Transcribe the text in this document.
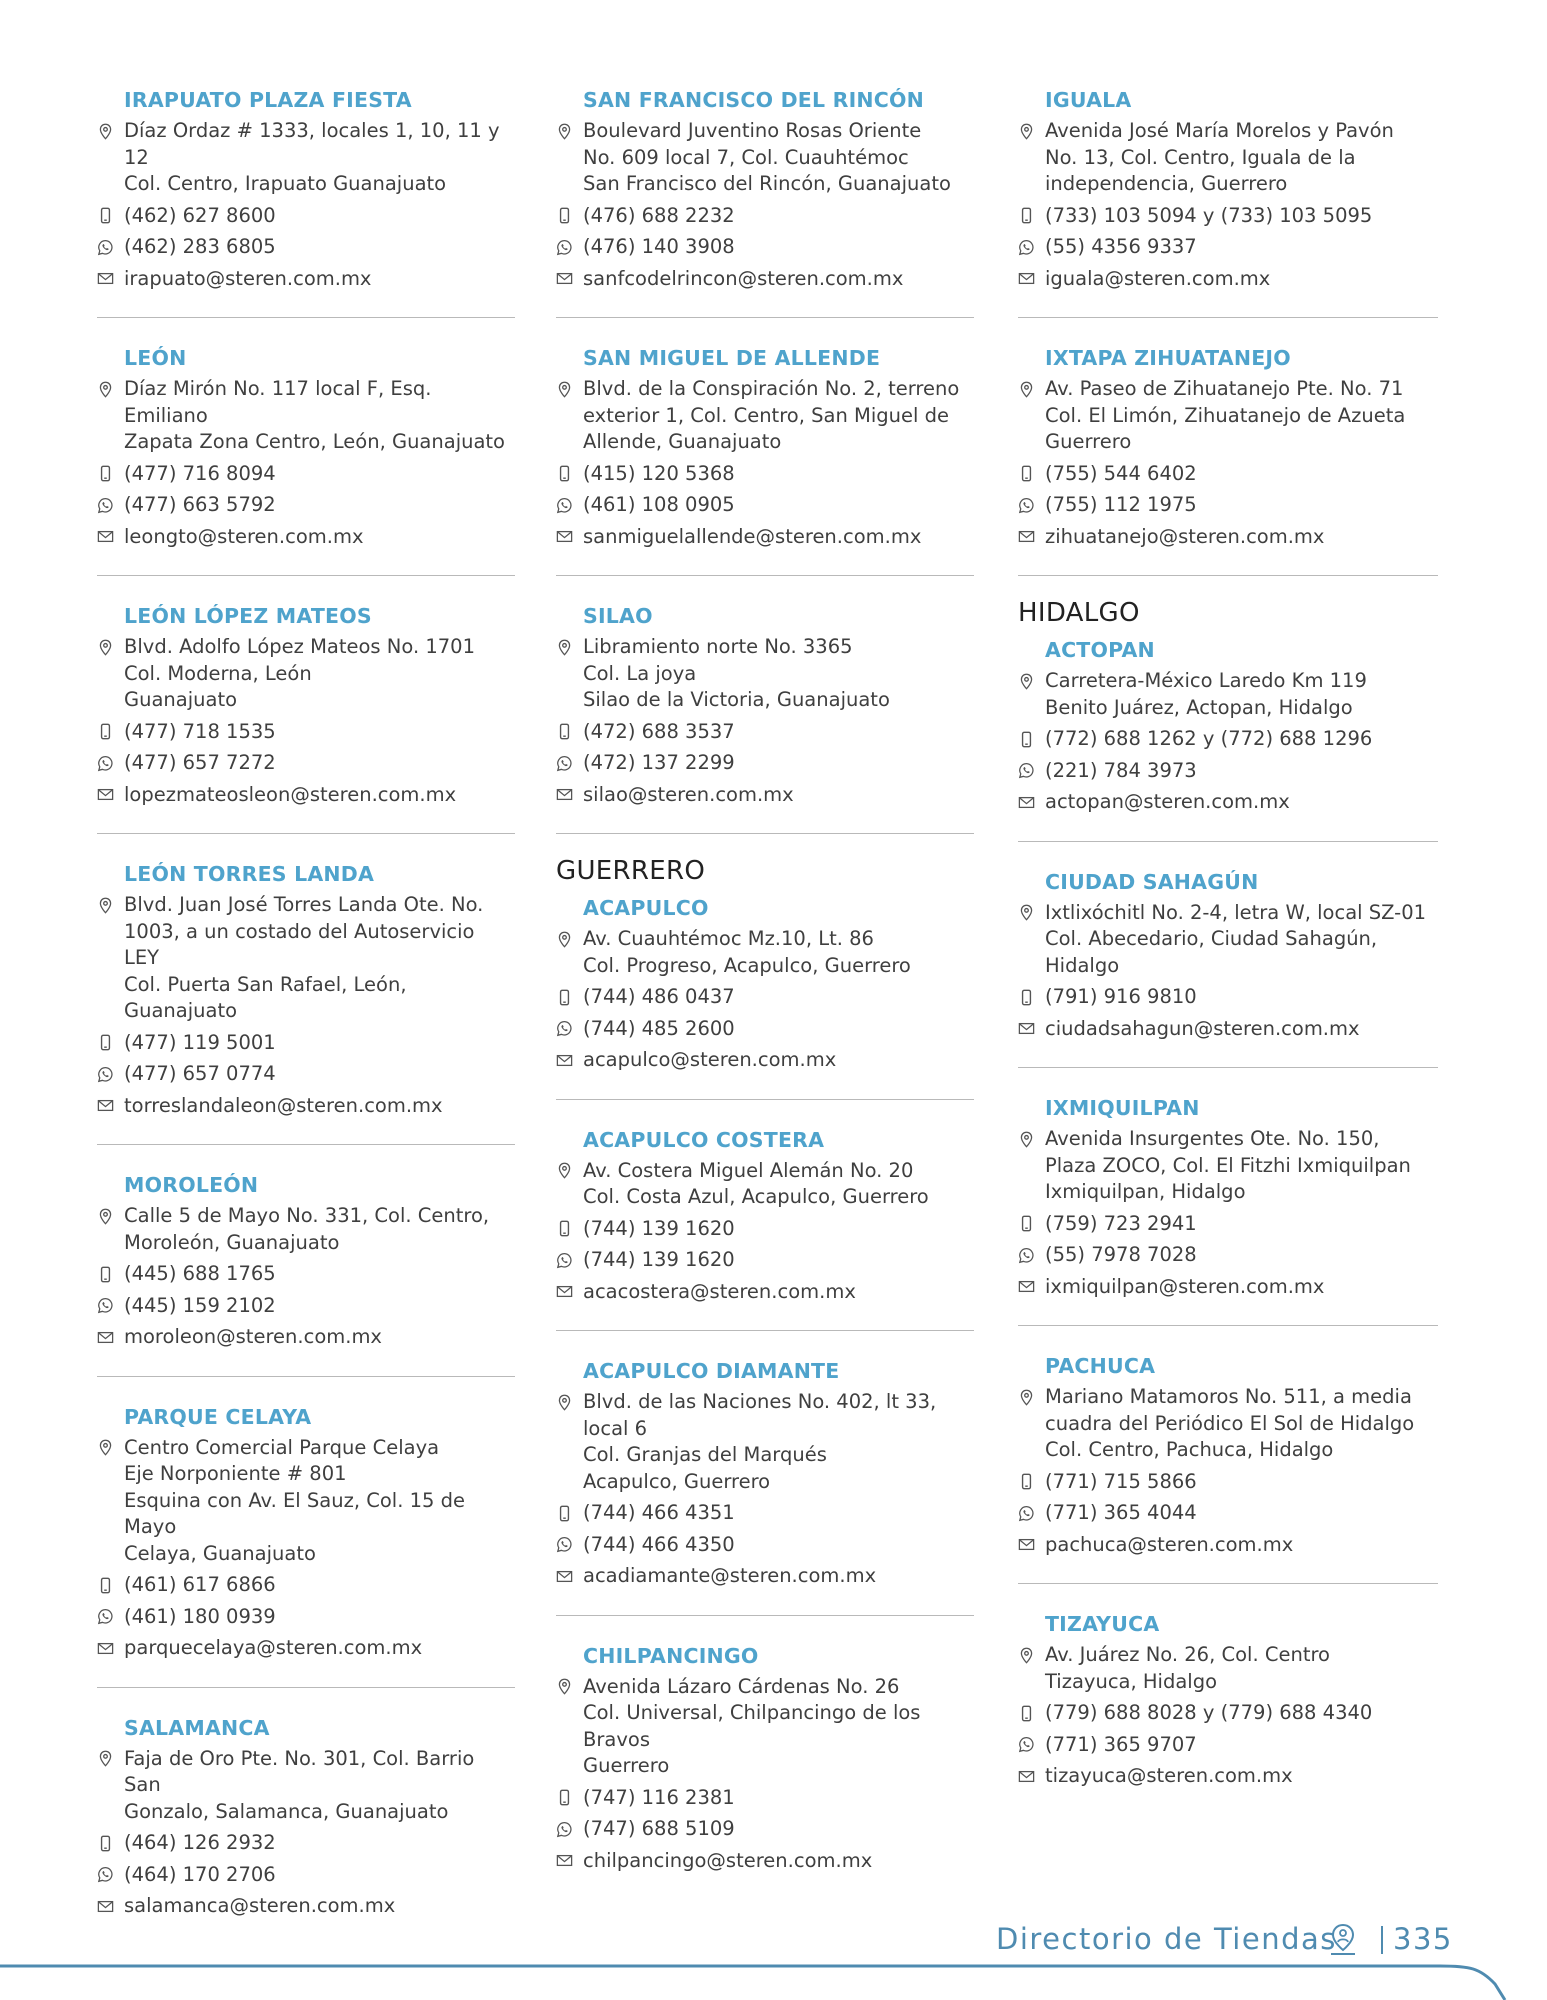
IRAPUATO PLAZA FIESTA
Díaz Ordaz # 1333, locales 1, 10, 11 y 12
Col. Centro, Irapuato Guanajuato
(462) 627 8600
(462) 283 6805
irapuato@steren.com.mx
LEÓN
Díaz Mirón No. 117 local F, Esq. Emiliano
Zapata Zona Centro, León, Guanajuato
(477) 716 8094
(477) 663 5792
leongto@steren.com.mx
LEÓN LÓPEZ MATEOS
Blvd. Adolfo López Mateos No. 1701
Col. Moderna, León
Guanajuato
(477) 718 1535
(477) 657 7272
lopezmateosleon@steren.com.mx
LEÓN TORRES LANDA
Blvd. Juan José Torres Landa Ote. No.
1003, a un costado del Autoservicio LEY
Col. Puerta San Rafael, León, Guanajuato
(477) 119 5001
(477) 657 0774
torreslandaleon@steren.com.mx
MOROLEÓN
Calle 5 de Mayo No. 331, Col. Centro,
Moroleón, Guanajuato
(445) 688 1765
(445) 159 2102
moroleon@steren.com.mx
PARQUE CELAYA
Centro Comercial Parque Celaya
Eje Norponiente # 801
Esquina con Av. El Sauz, Col. 15 de Mayo
Celaya, Guanajuato
(461) 617 6866
(461) 180 0939
parquecelaya@steren.com.mx
SALAMANCA
Faja de Oro Pte. No. 301, Col. Barrio San
Gonzalo, Salamanca, Guanajuato
(464) 126 2932
(464) 170 2706
salamanca@steren.com.mx
SAN FRANCISCO DEL RINCÓN
Boulevard Juventino Rosas Oriente
No. 609 local 7, Col. Cuauhtémoc
San Francisco del Rincón, Guanajuato
(476) 688 2232
(476) 140 3908
sanfcodelrincon@steren.com.mx
SAN MIGUEL DE ALLENDE
Blvd. de la Conspiración No. 2, terreno
exterior 1, Col. Centro, San Miguel de
Allende, Guanajuato
(415) 120 5368
(461) 108 0905
sanmiguelallende@steren.com.mx
SILAO
Libramiento norte No. 3365
Col. La joya
Silao de la Victoria, Guanajuato
(472) 688 3537
(472) 137 2299
silao@steren.com.mx
GUERRERO
ACAPULCO
Av. Cuauhtémoc Mz.10, Lt. 86
Col. Progreso, Acapulco, Guerrero
(744) 486 0437
(744) 485 2600
acapulco@steren.com.mx
ACAPULCO COSTERA
Av. Costera Miguel Alemán No. 20
Col. Costa Azul, Acapulco, Guerrero
(744) 139 1620
(744) 139 1620
acacostera@steren.com.mx
ACAPULCO DIAMANTE
Blvd. de las Naciones No. 402, lt 33, local 6
Col. Granjas del Marqués
Acapulco, Guerrero
(744) 466 4351
(744) 466 4350
acadiamante@steren.com.mx
CHILPANCINGO
Avenida Lázaro Cárdenas No. 26
Col. Universal, Chilpancingo de los Bravos
Guerrero
(747) 116 2381
(747) 688 5109
chilpancingo@steren.com.mx
IGUALA
Avenida José María Morelos y Pavón
No. 13, Col. Centro, Iguala de la
independencia, Guerrero
(733) 103 5094 y (733) 103 5095
(55) 4356 9337
iguala@steren.com.mx
IXTAPA ZIHUATANEJO
Av. Paseo de Zihuatanejo Pte. No. 71
Col. El Limón, Zihuatanejo de Azueta
Guerrero
(755) 544 6402
(755) 112 1975
zihuatanejo@steren.com.mx
HIDALGO
ACTOPAN
Carretera-México Laredo Km 119
Benito Juárez, Actopan, Hidalgo
(772) 688 1262 y (772) 688 1296
(221) 784 3973
actopan@steren.com.mx
CIUDAD SAHAGÚN
Ixtlixóchitl No. 2-4, letra W, local SZ-01
Col. Abecedario, Ciudad Sahagún, Hidalgo
(791) 916 9810
ciudadsahagun@steren.com.mx
IXMIQUILPAN
Avenida Insurgentes Ote. No. 150,
Plaza ZOCO, Col. El Fitzhi Ixmiquilpan
Ixmiquilpan, Hidalgo
(759) 723 2941
(55) 7978 7028
ixmiquilpan@steren.com.mx
PACHUCA
Mariano Matamoros No. 511, a media
cuadra del Periódico El Sol de Hidalgo
Col. Centro, Pachuca, Hidalgo
(771) 715 5866
(771) 365 4044
pachuca@steren.com.mx
TIZAYUCA
Av. Juárez No. 26, Col. Centro
Tizayuca, Hidalgo
(779) 688 8028 y (779) 688 4340
(771) 365 9707
tizayuca@steren.com.mx
Directorio de Tiendas 335
